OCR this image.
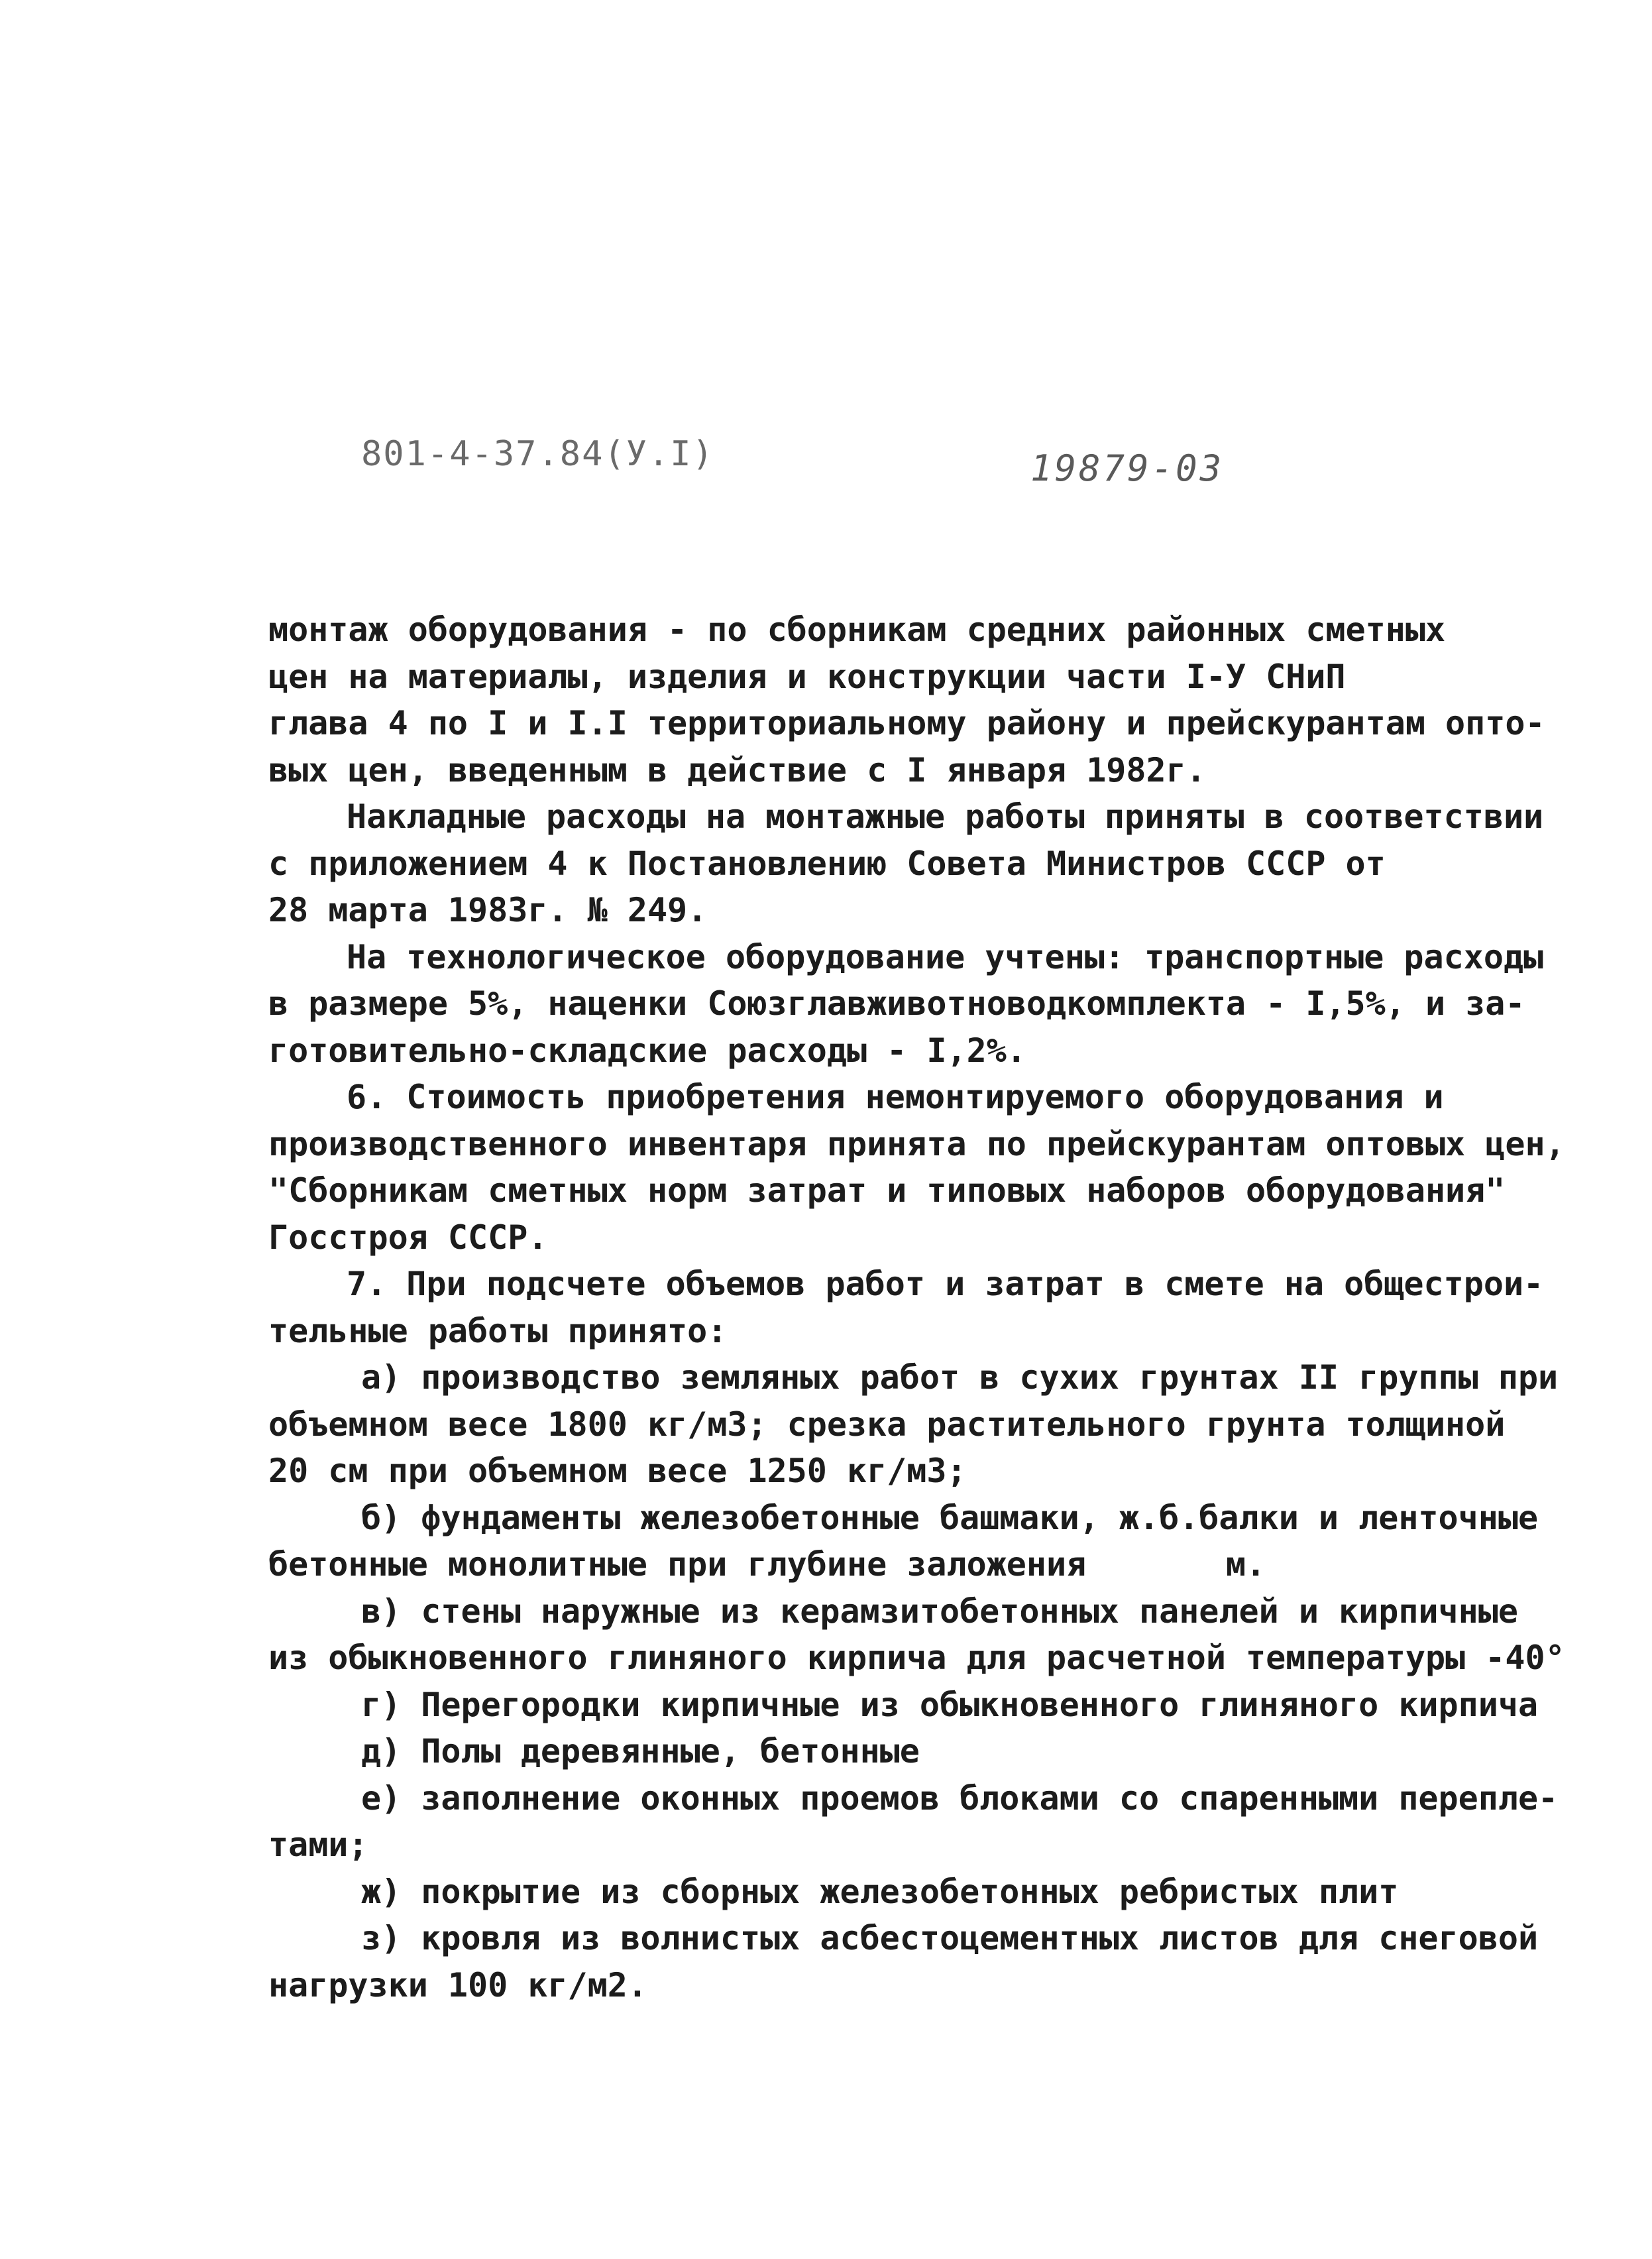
801-4-37.84(У.I)	19879-03
монтаж оборудования - по сборникам средних районных сметных
цен на материалы, изделия и конструкции части I-У СНиП
глава 4 по I и I.I территориальному району и прейскурантам опто-
вых цен, введенным в действие с I января 1982г.
Накладные расходы на монтажные работы приняты в соответствии
с приложением 4 к Постановлению Совета Министров СССР от
28 марта 1983г. № 249.
На технологическое оборудование учтены: транспортные расходы
в размере 5%, наценки Союзглавживотноводкомплекта - I,5%, и за-
готовительно-складские расходы - I,2%.
6. Стоимость приобретения немонтируемого оборудования и
производственного инвентаря принята по прейскурантам оптовых цен,
"Сборникам сметных норм затрат и типовых наборов оборудования"
Госстроя СССР.
7. При подсчете объемов работ и затрат в смете на общестрои-
тельные работы принято:
а) производство земляных работ в сухих грунтах II группы при
объемном весе 1800 кг/м3; срезка растительного грунта толщиной
20 см при объемном весе 1250 кг/м3;
б) фундаменты железобетонные башмаки, ж.б.балки и ленточные
бетонные монолитные при глубине заложения       м.
в) стены наружные из керамзитобетонных панелей и кирпичные
из обыкновенного глиняного кирпича для расчетной температуры -40°
г) Перегородки кирпичные из обыкновенного глиняного кирпича
д) Полы деревянные, бетонные
е) заполнение оконных проемов блоками со спаренными перепле-
тами;
ж) покрытие из сборных железобетонных ребристых плит
з) кровля из волнистых асбестоцементных листов для снеговой
нагрузки 100 кг/м2.
